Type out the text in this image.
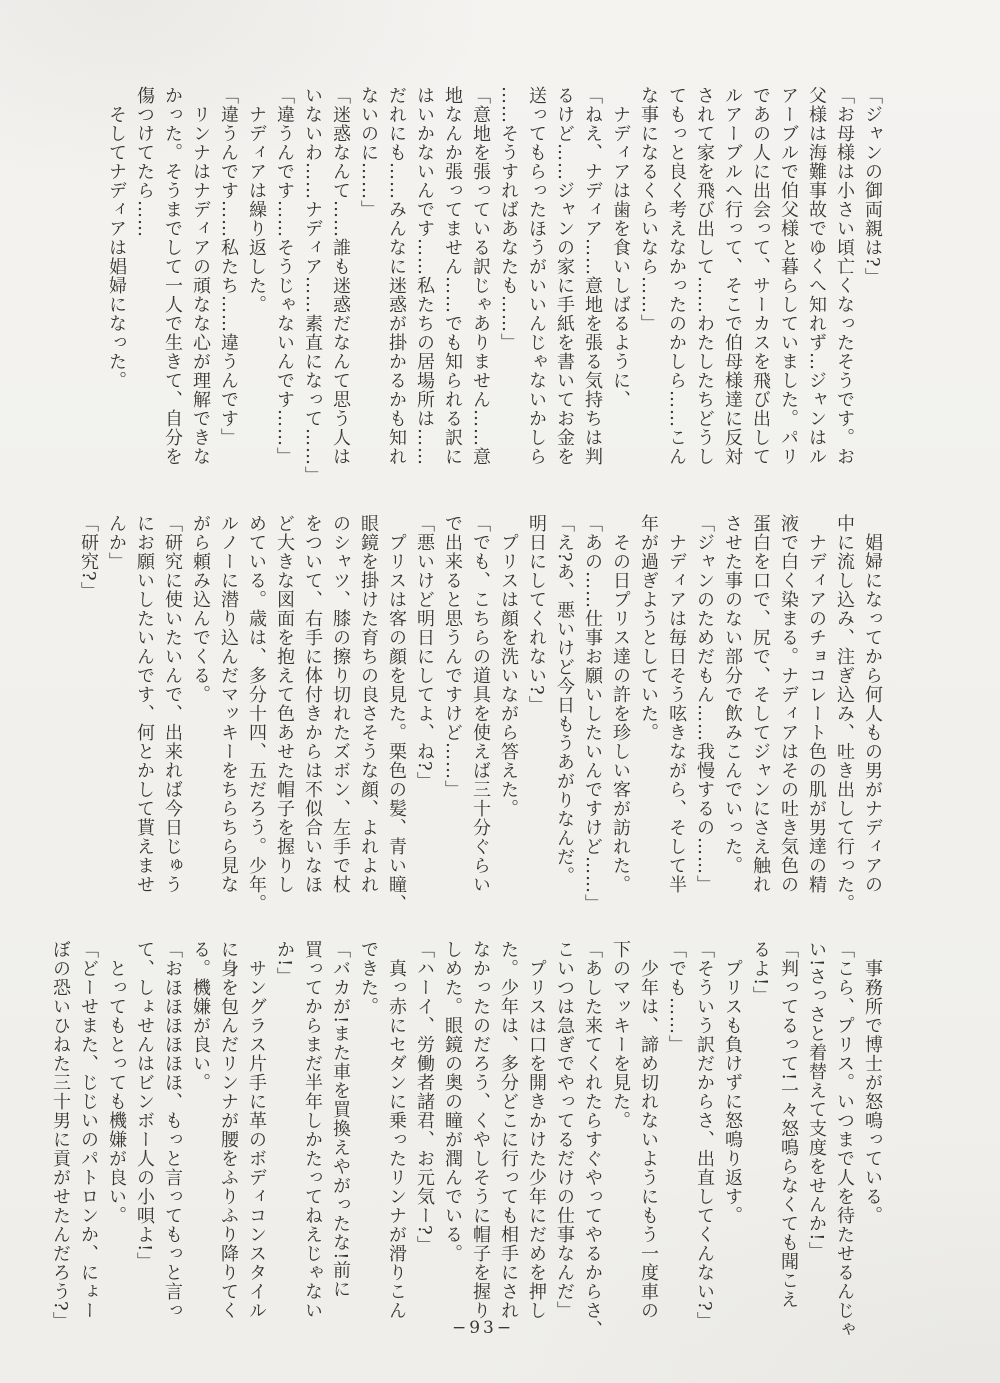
「ジャンの御両親は?」
「お母様は小さい頃亡くなったそうです。お
父様は海難事故でゆくへ知れず…ジャンはル
アーブルで伯父様と暮らしていました。パリ
であの人に出会って、サーカスを飛び出して
ルアーブルへ行って、そこで伯母様達に反対
されて家を飛び出して……わたしたちどうし
てもっと良く考えなかったのかしら……こん
な事になるくらいなら……」
　ナディアは歯を食いしばるように、
「ねえ、ナディア……意地を張る気持ちは判
るけど……ジャンの家に手紙を書いてお金を
送ってもらったほうがいいんじゃないかしら
……そうすればあなたも……」
「意地を張っている訳じゃありません……意
地なんか張ってません……でも知られる訳に
はいかないんです……私たちの居場所は……
だれにも……みんなに迷惑が掛かるかも知れ
ないのに……」
「迷惑なんて……誰も迷惑だなんて思う人は
いないわ……ナディア……素直になって……」
「違うんです……そうじゃないんです……」
　ナディアは繰り返した。
「違うんです……私たち……違うんです」
　リンナはナディアの頑なな心が理解できな
かった。そうまでして一人で生きて、自分を
傷つけてたら……
　そしてナディアは娼婦になった。
　娼婦になってから何人もの男がナディアの
中に流し込み、注ぎ込み、吐き出して行った。
　ナディアのチョコレート色の肌が男達の精
液で白く染まる。ナディアはその吐き気色の
蛋白を口で、尻で、そしてジャンにさえ触れ
させた事のない部分で飲みこんでいった。
「ジャンのためだもん……我慢するの……」
　ナディアは毎日そう呟きながら、そして半
年が過ぎようとしていた。
　その日プリス達の許を珍しい客が訪れた。
「あの……仕事お願いしたいんですけど……」
「え?あ、悪いけど今日もうあがりなんだ。
明日にしてくれない?」
　プリスは顔を洗いながら答えた。
「でも、こちらの道具を使えば三十分ぐらい
で出来ると思うんですけど……」
「悪いけど明日にしてよ、ね?」
　プリスは客の顔を見た。栗色の髪、青い瞳、
眼鏡を掛けた育ちの良さそうな顔、よれよれ
のシャツ、膝の擦り切れたズボン、左手で杖
をついて、右手に体付きからは不似合いなほ
ど大きな図面を抱えて色あせた帽子を握りし
めている。歳は、多分十四、五だろう。少年。
ルノーに潜り込んだマッキーをちらちら見な
がら頼み込んでくる。
「研究に使いたいんで、出来れば今日じゅう
にお願いしたいんです、何とかして貰えませ
んか」
「研究?」
　事務所で博士が怒鳴っている。
「こら、プリス。いつまで人を待たせるんじゃ
い!さっさと着替えて支度をせんか!」
「判ってるって!一々怒鳴らなくても聞こえ
るよ!」
　プリスも負けずに怒鳴り返す。
「そういう訳だからさ、出直してくんない?」
「でも……」
　少年は、諦め切れないようにもう一度車の
下のマッキーを見た。
「あした来てくれたらすぐやってやるからさ、
こいつは急ぎでやってるだけの仕事なんだ」
　プリスは口を開きかけた少年にだめを押し
た。少年は、多分どこに行っても相手にされ
なかったのだろう、くやしそうに帽子を握り
しめた。眼鏡の奥の瞳が潤んでいる。
「ハーイ、労働者諸君、お元気ー?」
　真っ赤にセダンに乗ったリンナが滑りこん
できた。
「バカが!また車を買換えやがったな!前に
買ってからまだ半年しかたってねえじゃない
か!」
　サングラス片手に革のボディコンスタイル
に身を包んだリンナが腰をふりふり降りてく
る。機嫌が良い。
「おほほほほほほ、もっと言ってもっと言っ
て、しょせんはビンボー人の小唄よ!」
　とってもとっても機嫌が良い。
「どーせまた、じじいのパトロンか、にょー
ぼの恐いひねた三十男に貢がせたんだろう?」	−93−
